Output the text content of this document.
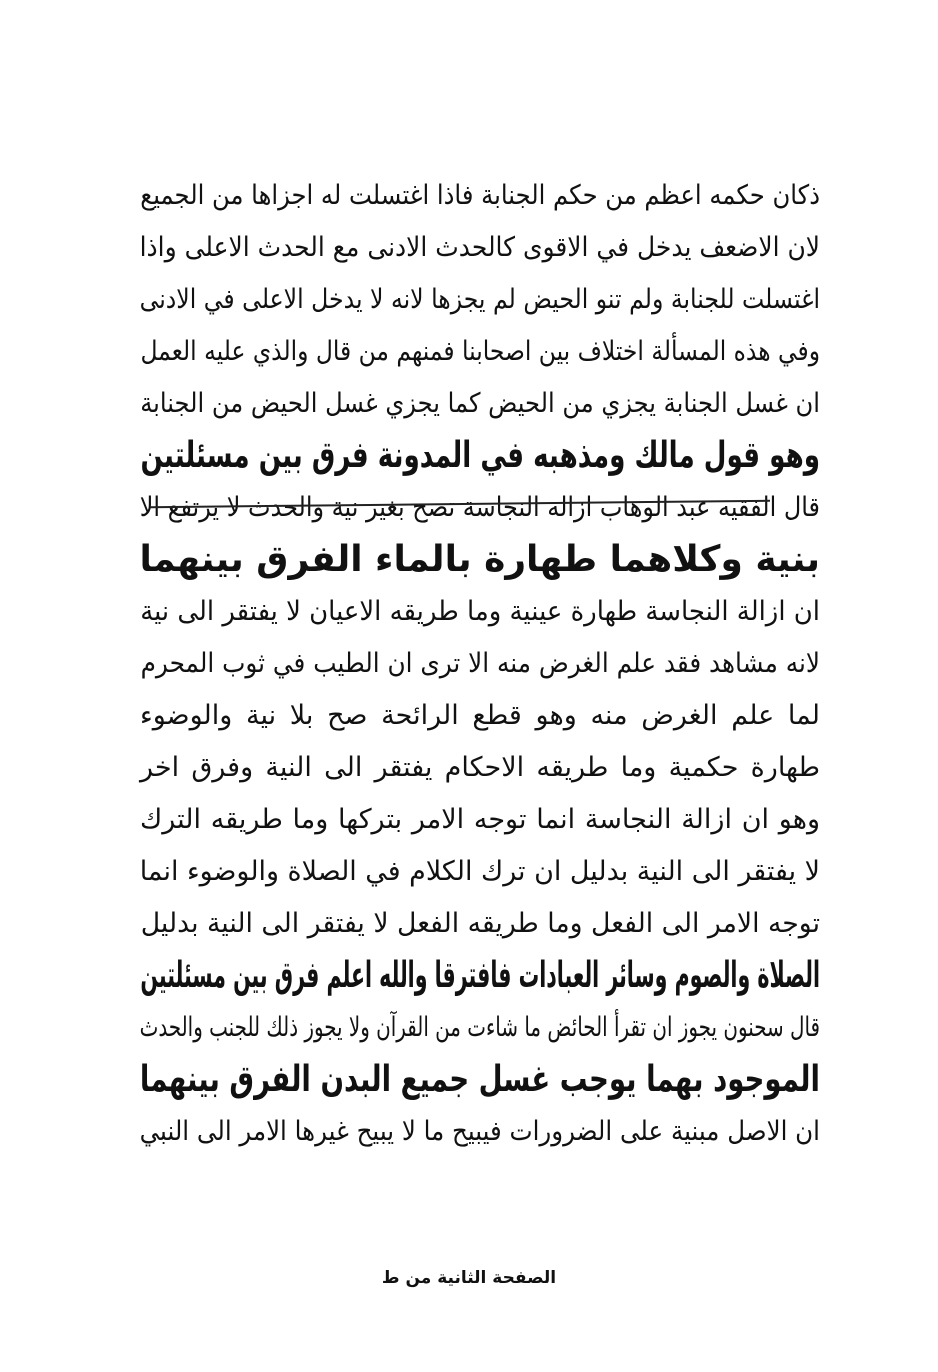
ذكان حكمه اعظم من حكم الجنابة فاذا اغتسلت له اجزاها من الجميع
لان الاضعف يدخل في الاقوى كالحدث الادنى مع الحدث الاعلى واذا
اغتسلت للجنابة ولم تنو الحيض لم يجزها لانه لا يدخل الاعلى في الادنى
وفي هذه المسألة اختلاف بين اصحابنا فمنهم من قال والذي عليه العمل
ان غسل الجنابة يجزي من الحيض كما يجزي غسل الحيض من الجنابة
وهو قول مالك ومذهبه في المدونة فرق بين مسئلتين
قال الفقيه عبد الوهاب ازالة النجاسة تصح بغير نية والحدث لا يرتفع الا
بنية وكلاهما طهارة بالماء الفرق بينهما
ان ازالة النجاسة طهارة عينية وما طريقه الاعيان لا يفتقر الى نية
لانه مشاهد فقد علم الغرض منه الا ترى ان الطيب في ثوب المحرم
لما علم الغرض منه وهو قطع الرائحة صح بلا نية والوضوء
طهارة حكمية وما طريقه الاحكام يفتقر الى النية وفرق اخر
وهو ان ازالة النجاسة انما توجه الامر بتركها وما طريقه الترك
لا يفتقر الى النية بدليل ان ترك الكلام في الصلاة والوضوء انما
توجه الامر الى الفعل وما طريقه الفعل لا يفتقر الى النية بدليل
الصلاة والصوم وسائر العبادات فافترقا والله اعلم فرق بين مسئلتين
قال سحنون يجوز ان تقرأ الحائض ما شاءت من القرآن ولا يجوز ذلك للجنب والحدث
الموجود بهما يوجب غسل جميع البدن الفرق بينهما
ان الاصل مبنية على الضرورات فيبيح ما لا يبيح غيرها الامر الى النبي
الصفحة الثانية من ط
